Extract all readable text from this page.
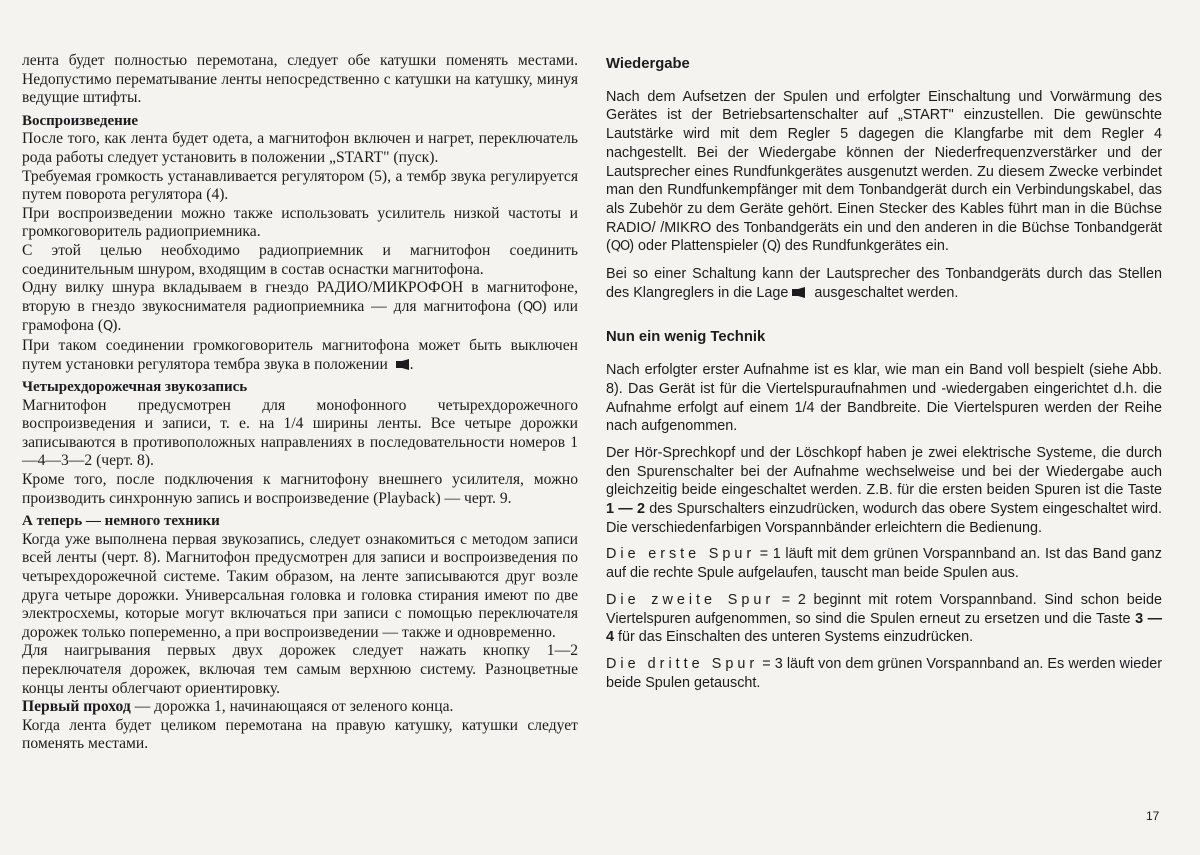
лента будет полностью перемотана, следует обе катушки поменять местами. Недопустимо перематывание ленты непосредственно с катушки на катушку, минуя ведущие штифты.

Воспроизведение

После того, как лента будет одета, а магнитофон включен и нагрет, переключатель рода работы следует установить в положении „START" (пуск).

Требуемая громкость устанавливается регулятором (5), а тембр звука регулируется путем поворота регулятора (4).

При воспроизведении можно также использовать усилитель низкой частоты и громкоговоритель радиоприемника.

С этой целью необходимо радиоприемник и магнитофон соединить соединительным шнуром, входящим в состав оснастки магнитофона.

Одну вилку шнура вкладываем в гнездо РАДИО/МИКРОФОН в магнитофоне, вторую в гнездо звукоснимателя радиоприемника — для магнитофона (QO) или грамофона (Q).

При таком соединении громкоговоритель магнитофона может быть выключен путем установки регулятора тембра звука в положении .

Четырехдорожечная звукозапись

Магнитофон предусмотрен для монофонного четырехдорожечного воспроизведения и записи, т. е. на 1/4 ширины ленты. Все четыре дорожки записываются в противоположных направлениях в последовательности номеров 1—4—3—2 (черт. 8).

Кроме того, после подключения к магнитофону внешнего усилителя, можно производить синхронную запись и воспроизведение (Playback) — черт. 9.

А теперь — немного техники

Когда уже выполнена первая звукозапись, следует ознакомиться с методом записи всей ленты (черт. 8). Магнитофон предусмотрен для записи и воспроизведения по четырехдорожечной системе. Таким образом, на ленте записываются друг возле друга четыре дорожки. Универсальная головка и головка стирания имеют по две электросхемы, которые могут включаться при записи с помощью переключателя дорожек только попеременно, а при воспроизведении — также и одновременно.

Для наигрывания первых двух дорожек следует нажать кнопку 1—2 переключателя дорожек, включая тем самым верхнюю систему. Разноцветные концы ленты облегчают ориентировку.

Первый проход — дорожка 1, начинающаяся от зеленого конца.

Когда лента будет целиком перемотана на правую катушку, катушки следует поменять местами.

Wiedergabe

Nach dem Aufsetzen der Spulen und erfolgter Einschaltung und Vorwärmung des Gerätes ist der Betriebsartenschalter auf „START" einzustellen. Die gewünschte Lautstärke wird mit dem Regler 5 dagegen die Klangfarbe mit dem Regler 4 nachgestellt. Bei der Wiedergabe können der Niederfrequenzverstärker und der Lautsprecher eines Rundfunkgerätes ausgenutzt werden. Zu diesem Zwecke verbindet man den Rundfunkempfänger mit dem Tonbandgerät durch ein Verbindungskabel, das als Zubehör zu dem Geräte gehört. Einen Stecker des Kables führt man in die Büchse RADIO/ /MIKRO des Tonbandgeräts ein und den anderen in die Büchse Tonbandgerät (QO) oder Plattenspieler (Q) des Rundfunkgerätes ein.

Bei so einer Schaltung kann der Lautsprecher des Tonbandgeräts durch das Stellen des Klangreglers in die Lage ausgeschaltet werden.

Nun ein wenig Technik

Nach erfolgter erster Aufnahme ist es klar, wie man ein Band voll bespielt (siehe Abb. 8). Das Gerät ist für die Viertelspuraufnahmen und -wiedergaben eingerichtet d.h. die Aufnahme erfolgt auf einem 1/4 der Bandbreite. Die Viertelspuren werden der Reihe nach aufgenommen.

Der Hör-Sprechkopf und der Löschkopf haben je zwei elektrische Systeme, die durch den Spurenschalter bei der Aufnahme wechselweise und bei der Wiedergabe auch gleichzeitig beide eingeschaltet werden. Z.B. für die ersten beiden Spuren ist die Taste 1 — 2 des Spurschalters einzudrücken, wodurch das obere System eingeschaltet wird. Die verschiedenfarbigen Vorspannbänder erleichtern die Bedienung.

Die erste Spur = 1 läuft mit dem grünen Vorspannband an. Ist das Band ganz auf die rechte Spule aufgelaufen, tauscht man beide Spulen aus.

Die zweite Spur = 2 beginnt mit rotem Vorspannband. Sind schon beide Viertelspuren aufgenommen, so sind die Spulen erneut zu ersetzen und die Taste 3 — 4 für das Einschalten des unteren Systems einzudrücken.

Die dritte Spur = 3 läuft von dem grünen Vorspannband an. Es werden wieder beide Spulen getauscht.

17
